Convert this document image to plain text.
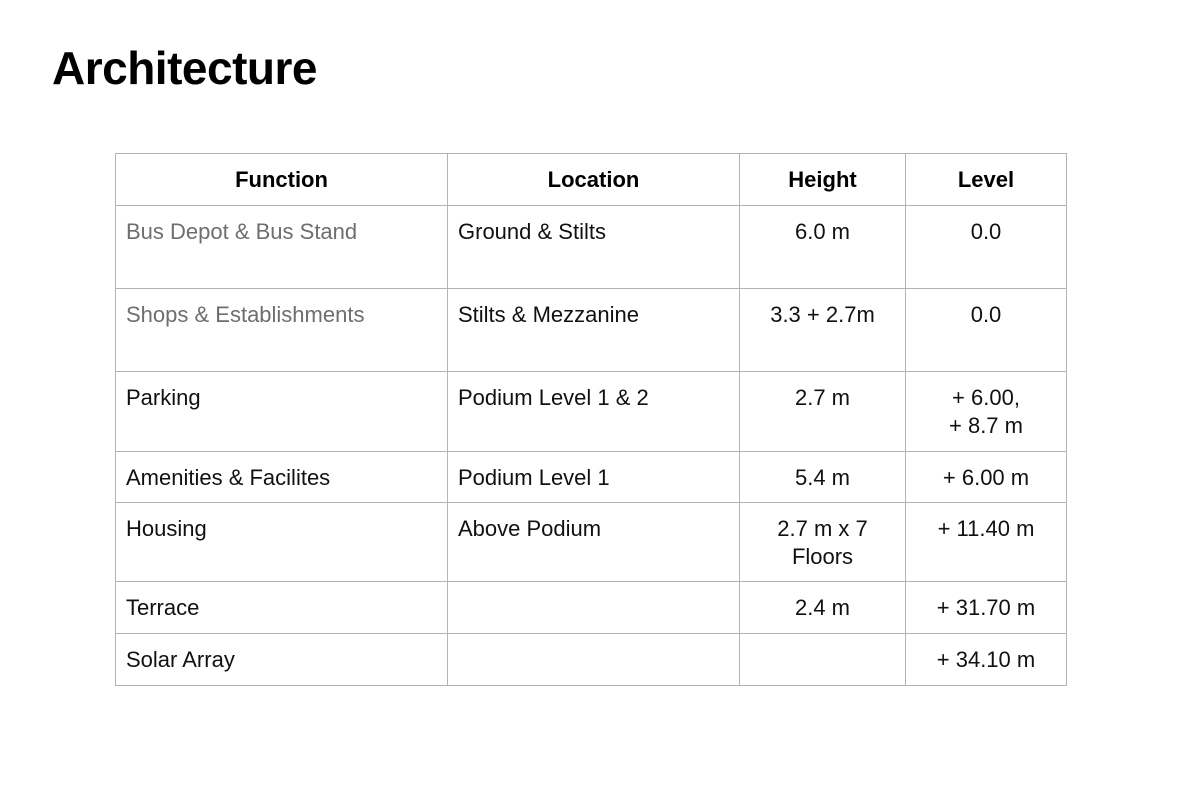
Architecture
Function	Location	Height	Level
Bus Depot & Bus Stand	Ground & Stilts	6.0 m	0.0
Shops & Establishments	Stilts & Mezzanine	3.3 + 2.7m	0.0
Parking	Podium Level 1 & 2	2.7 m	+ 6.00,
+ 8.7 m
Amenities & Facilites	Podium Level 1	5.4 m	+ 6.00 m
Housing	Above Podium	2.7 m x 7
Floors	+ 11.40 m
Terrace		2.4 m	+ 31.70 m
Solar Array			+ 34.10 m
